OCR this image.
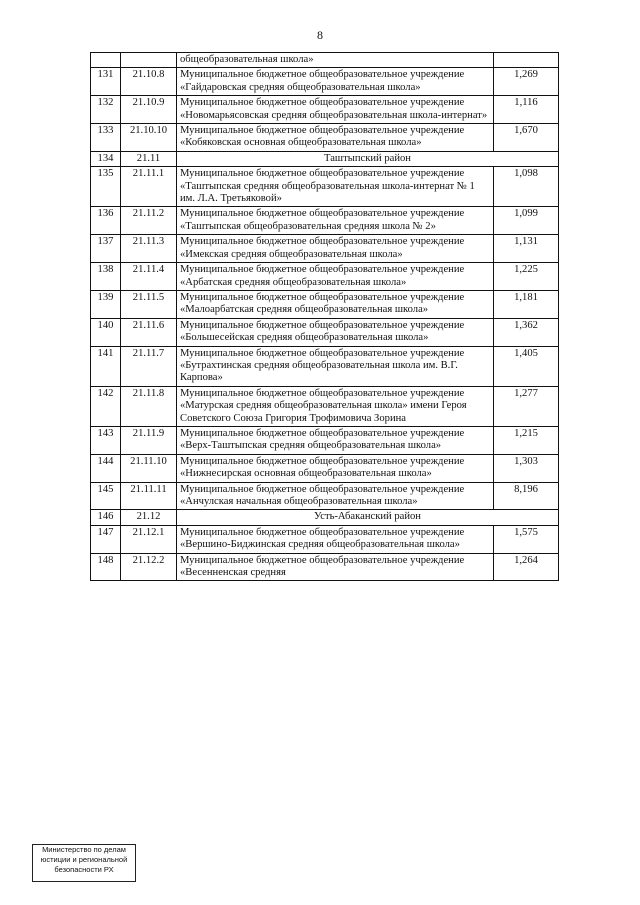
8
		общеобразовательная школа»	
131	21.10.8	Муниципальное бюджетное общеобразовательное учреждение «Гайдаровская средняя общеобразовательная школа»	1,269
132	21.10.9	Муниципальное бюджетное общеобразовательное учреждение «Новомарьясовская средняя общеобразовательная школа-интернат»	1,116
133	21.10.10	Муниципальное бюджетное общеобразовательное учреждение «Кобяковская основная общеобразовательная школа»	1,670
134	21.11	Таштыпский район	
135	21.11.1	Муниципальное бюджетное общеобразовательное учреждение «Таштыпская средняя общеобразовательная школа-интернат № 1 им. Л.А. Третьяковой»	1,098
136	21.11.2	Муниципальное бюджетное общеобразовательное учреждение «Таштыпская общеобразовательная средняя школа № 2»	1,099
137	21.11.3	Муниципальное бюджетное общеобразовательное учреждение «Имекская средняя общеобразовательная школа»	1,131
138	21.11.4	Муниципальное бюджетное общеобразовательное учреждение «Арбатская средняя общеобразовательная школа»	1,225
139	21.11.5	Муниципальное бюджетное общеобразовательное учреждение «Малоарбатская средняя общеобразовательная школа»	1,181
140	21.11.6	Муниципальное бюджетное общеобразовательное учреждение «Большесейская средняя общеобразовательная школа»	1,362
141	21.11.7	Муниципальное бюджетное общеобразовательное учреждение «Бутрахтинская средняя общеобразовательная школа им. В.Г. Карпова»	1,405
142	21.11.8	Муниципальное бюджетное общеобразовательное учреждение «Матурская средняя общеобразовательная школа» имени Героя Советского Союза Григория Трофимовича Зорина	1,277
143	21.11.9	Муниципальное бюджетное общеобразовательное учреждение «Верх-Таштыпская средняя общеобразовательная школа»	1,215
144	21.11.10	Муниципальное бюджетное общеобразовательное учреждение «Нижнесирская основная общеобразовательная школа»	1,303
145	21.11.11	Муниципальное бюджетное общеобразовательное учреждение «Анчулская начальная общеобразовательная школа»	8,196
146	21.12	Усть-Абаканский район	
147	21.12.1	Муниципальное бюджетное общеобразовательное учреждение «Вершино-Биджинская средняя общеобразовательная школа»	1,575
148	21.12.2	Муниципальное бюджетное общеобразовательное учреждение «Весенненская средняя	1,264
Министерство по делам
юстиции и региональной
безопасности РХ
